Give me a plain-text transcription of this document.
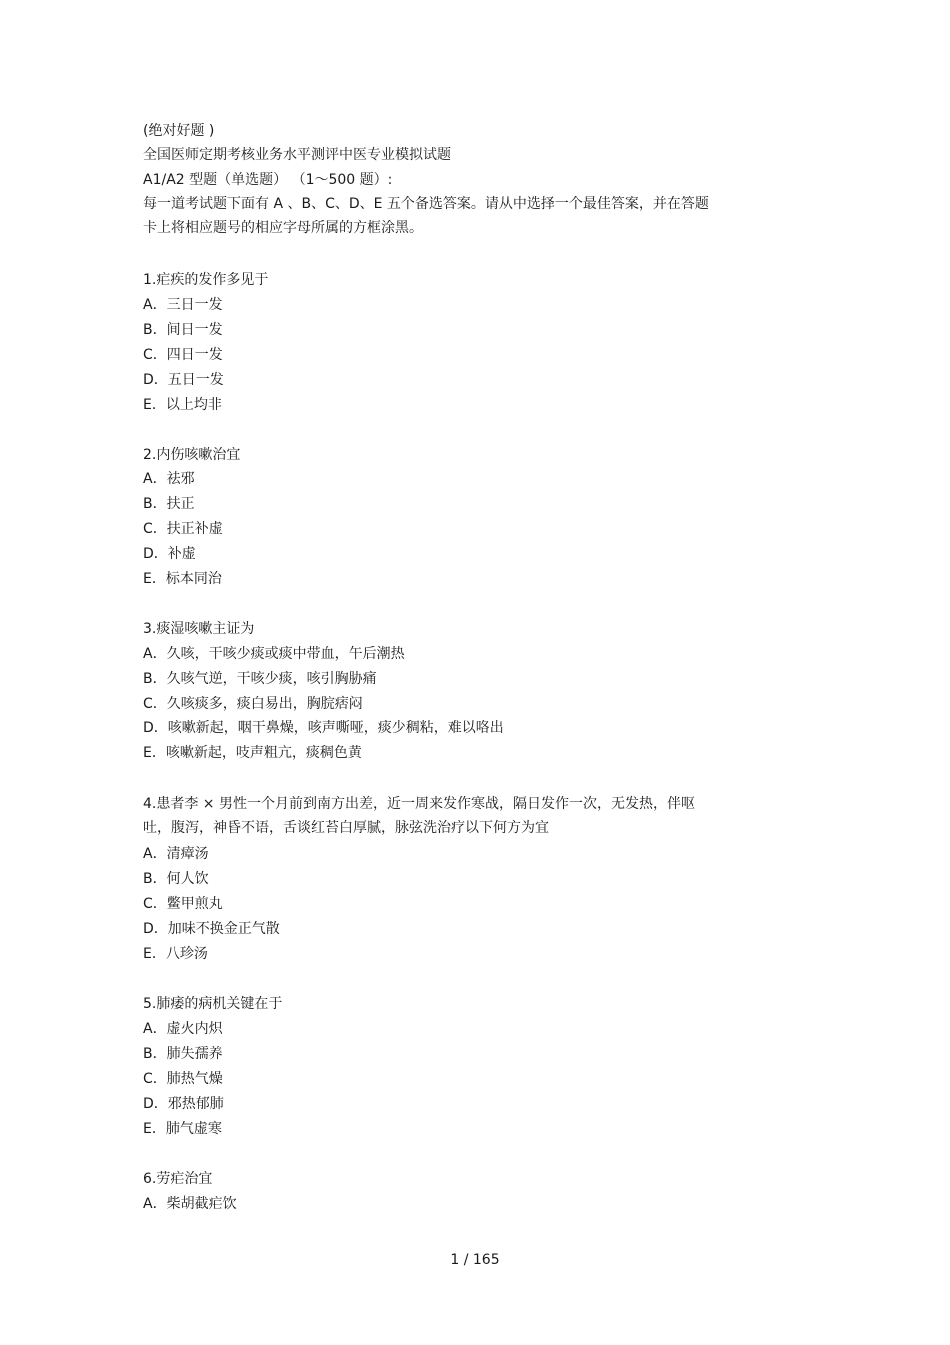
(绝对好题 )
全国医师定期考核业务水平测评中医专业模拟试题
A1/A2 型题（单选题） （1～500 题）:
每一道考试题下面有 A 、B、C、D、E 五个备选答案。请从中选择一个最佳答案，并在答题
卡上将相应题号的相应字母所属的方框涂黑。
1.疟疾的发作多见于
A．三日一发
B．间日一发
C．四日一发
D．五日一发
E．以上均非
2.内伤咳嗽治宜
A．祛邪
B．扶正
C．扶正补虚
D．补虚
E．标本同治
3.痰湿咳嗽主证为
A．久咳，干咳少痰或痰中带血，午后潮热
B．久咳气逆，干咳少痰，咳引胸胁痛
C．久咳痰多，痰白易出，胸脘痞闷
D．咳嗽新起，咽干鼻燥，咳声嘶哑，痰少稠粘，难以咯出
E．咳嗽新起，吱声粗亢，痰稠色黄
4.患者李 × 男性一个月前到南方出差，近一周来发作寒战，隔日发作一次，无发热，伴呕
吐，腹泻，神昏不语，舌谈红苔白厚腻，脉弦洗治疗以下何方为宜
A．清瘴汤
B．何人饮
C．鳖甲煎丸
D．加味不换金正气散
E．八珍汤
5.肺痿的病机关键在于
A．虚火内炽
B．肺失孺养
C．肺热气燥
D．邪热郁肺
E．肺气虚寒
6.劳疟治宜
A．柴胡截疟饮
1 / 165
